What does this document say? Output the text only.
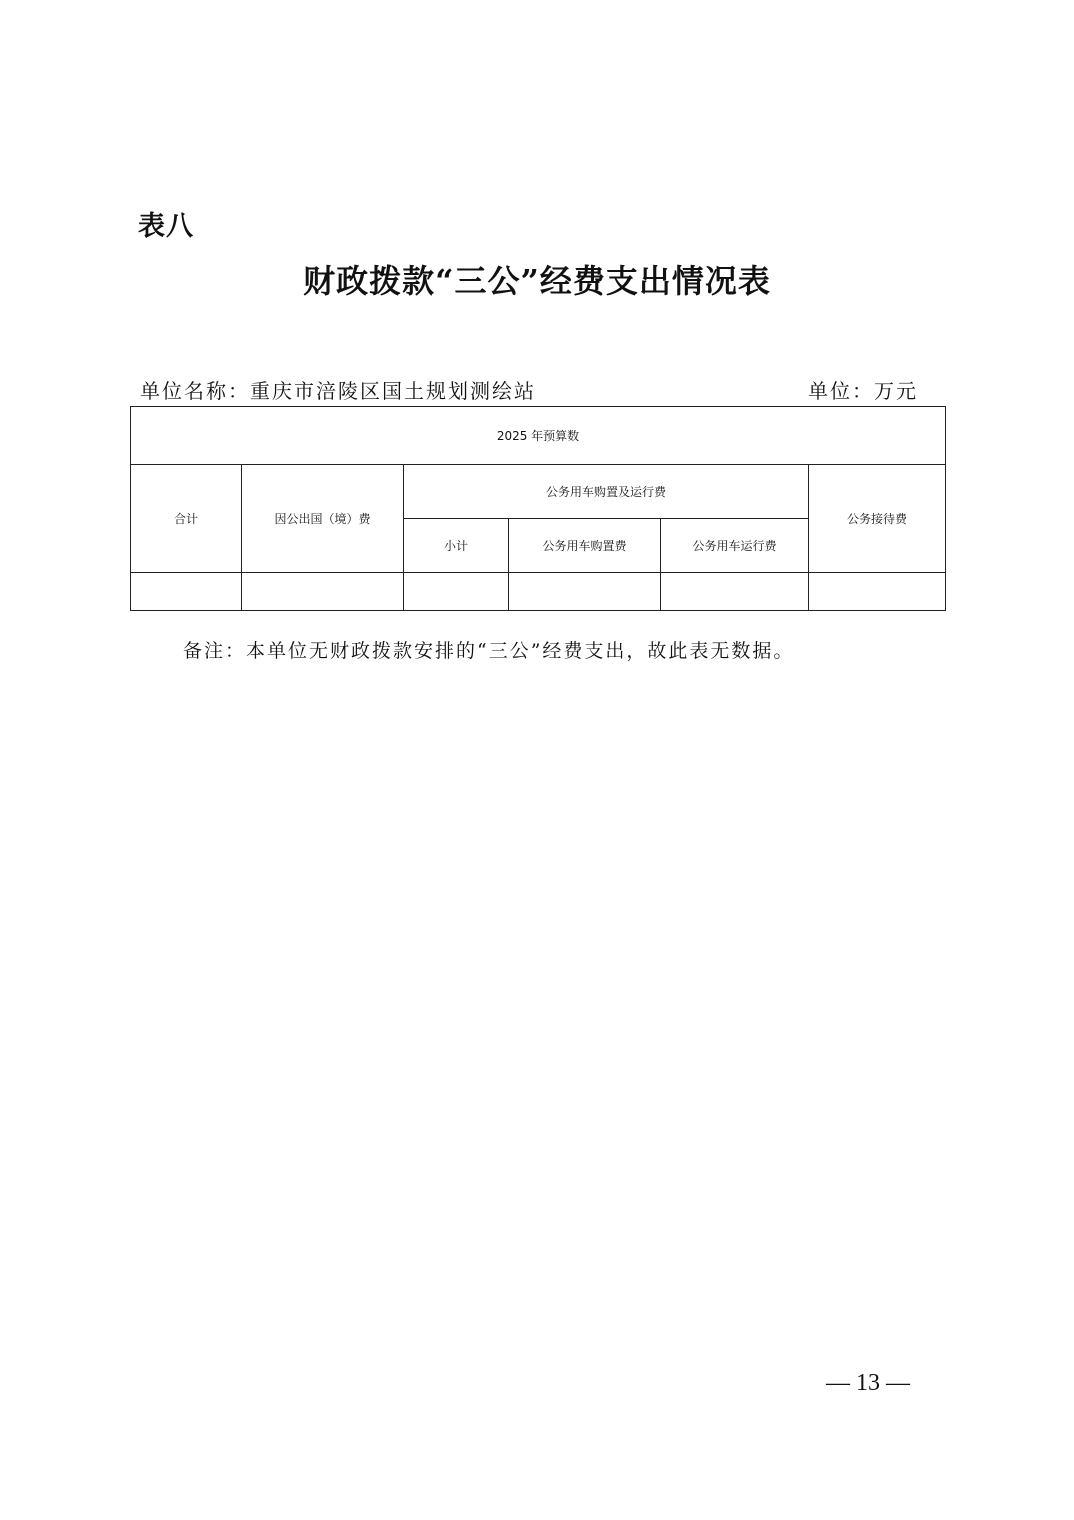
表八
财政拨款“三公”经费支出情况表
单位名称：重庆市涪陵区国土规划测绘站	单位：万元
2025 年预算数					
合计	因公出国（境）费	公务用车购置及运行费			公务接待费
		小计	公务用车购置费	公务用车运行费	

备注：本单位无财政拨款安排的“三公”经费支出，故此表无数据。
— 13 —
